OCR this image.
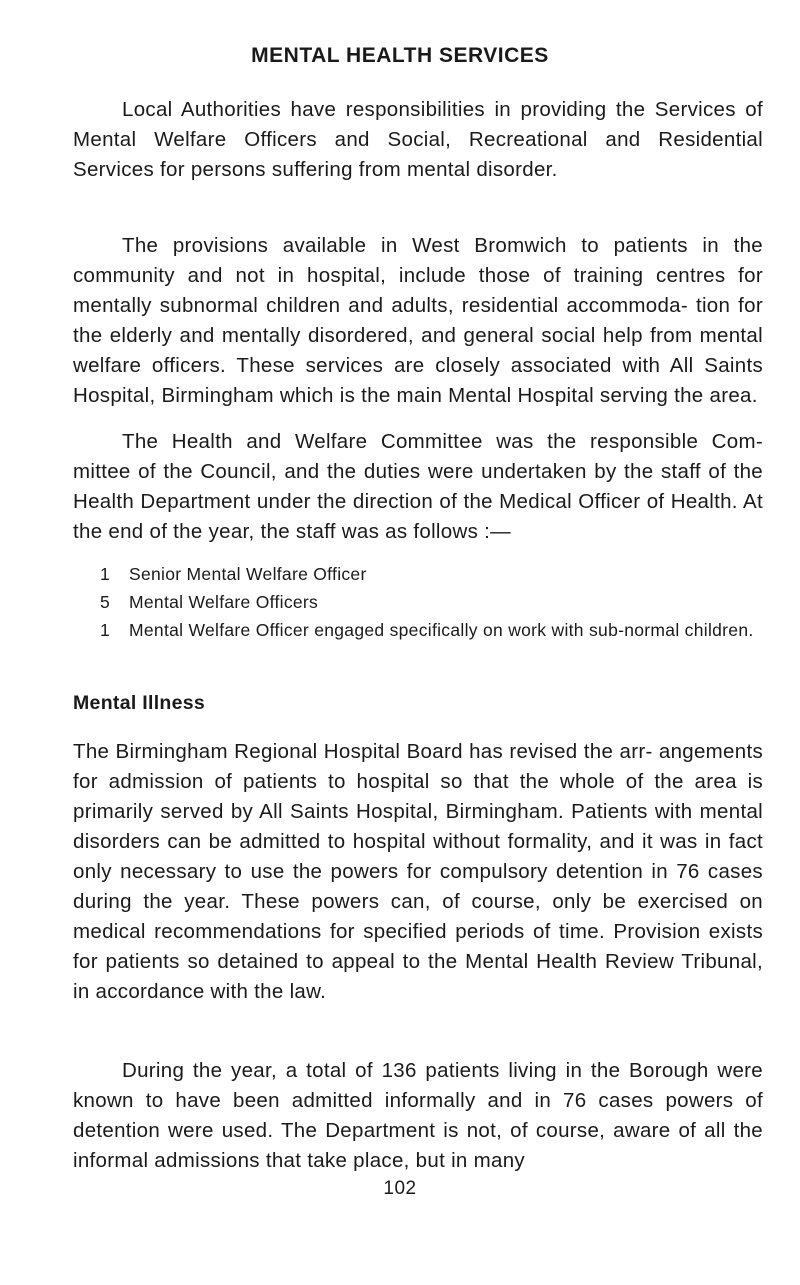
MENTAL HEALTH SERVICES
Local Authorities have responsibilities in providing the Services of Mental Welfare Officers and Social, Recreational and Residential Services for persons suffering from mental disorder.
The provisions available in West Bromwich to patients in the community and not in hospital, include those of training centres for mentally subnormal children and adults, residential accommoda- tion for the elderly and mentally disordered, and general social help from mental welfare officers. These services are closely associated with All Saints Hospital, Birmingham which is the main Mental Hospital serving the area.
The Health and Welfare Committee was the responsible Com- mittee of the Council, and the duties were undertaken by the staff of the Health Department under the direction of the Medical Officer of Health. At the end of the year, the staff was as follows :—
1	Senior Mental Welfare Officer
5	Mental Welfare Officers
1	Mental Welfare Officer engaged specifically on work with sub-normal children.
Mental Illness
The Birmingham Regional Hospital Board has revised the arr- angements for admission of patients to hospital so that the whole of the area is primarily served by All Saints Hospital, Birmingham. Patients with mental disorders can be admitted to hospital without formality, and it was in fact only necessary to use the powers for compulsory detention in 76 cases during the year. These powers can, of course, only be exercised on medical recommendations for specified periods of time. Provision exists for patients so detained to appeal to the Mental Health Review Tribunal, in accordance with the law.
During the year, a total of 136 patients living in the Borough were known to have been admitted informally and in 76 cases powers of detention were used. The Department is not, of course, aware of all the informal admissions that take place, but in many
102
